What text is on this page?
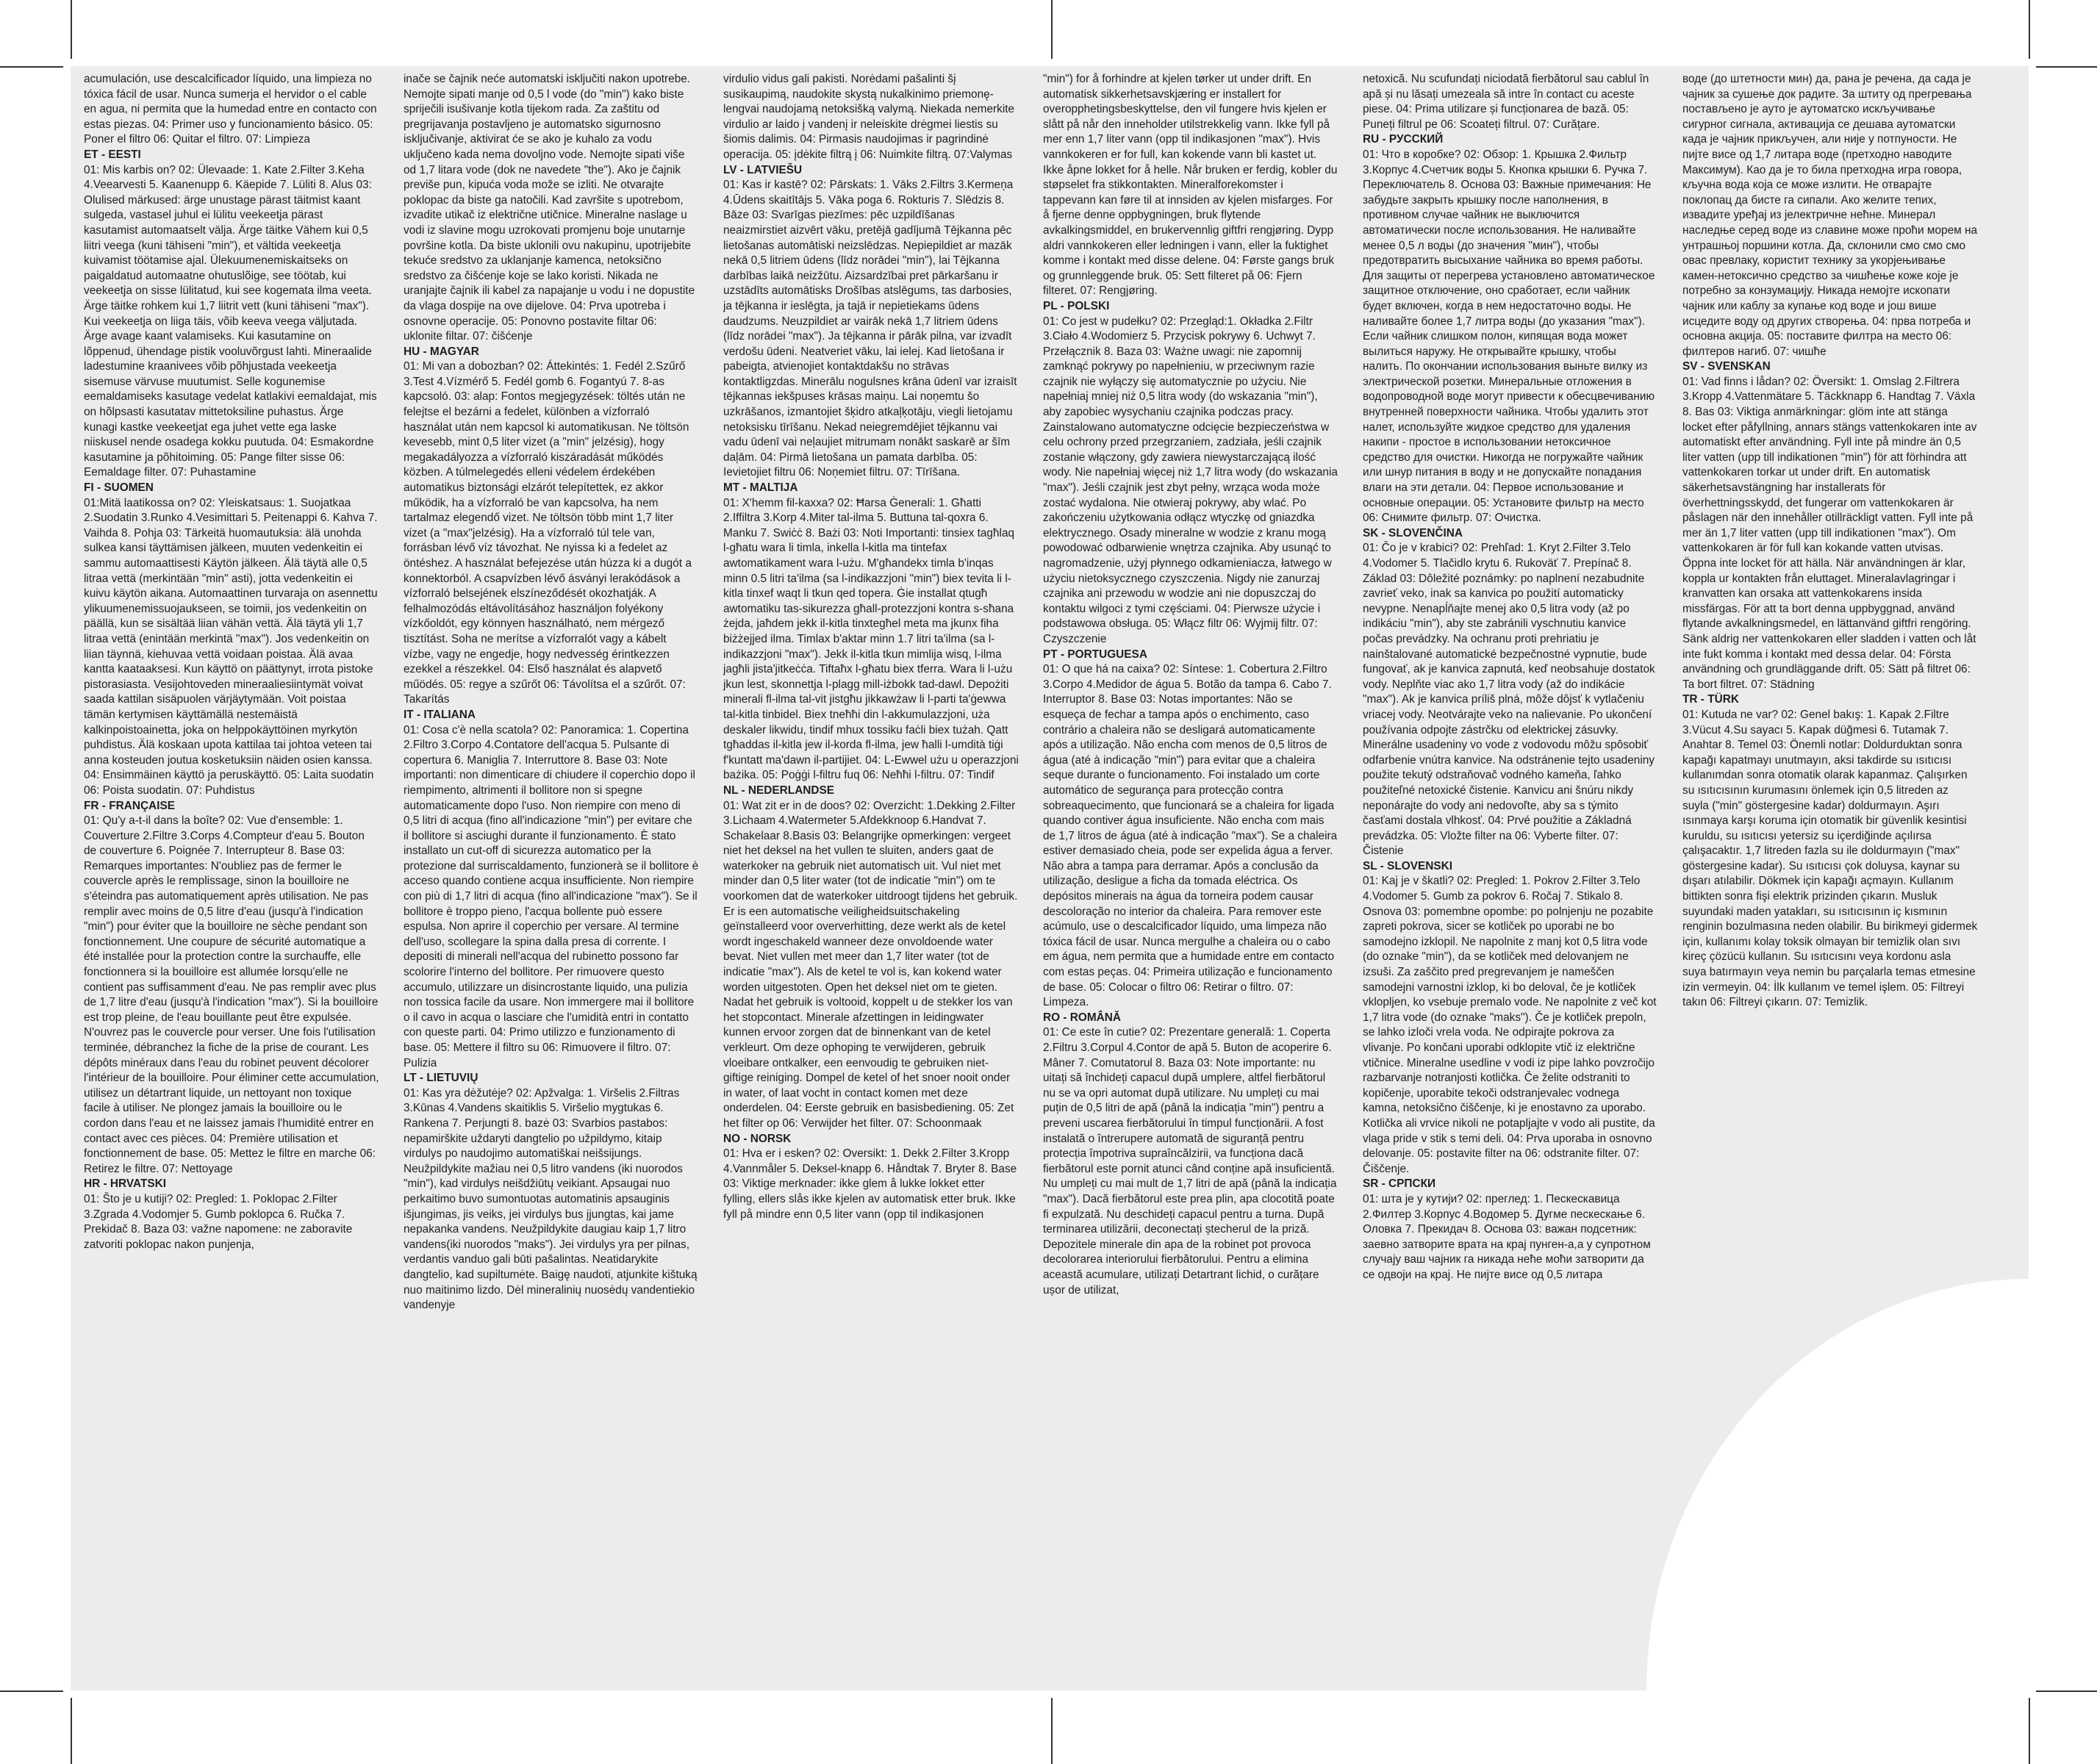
acumulación, use descalcificador líquido, una limpieza no tóxica fácil de usar. Nunca sumerja el hervidor o el cable en agua, ni permita que la humedad entre en contacto con estas piezas. 04: Primer uso y funcionamiento básico. 05: Poner el filtro 06: Quitar el filtro. 07: Limpieza

ET - EESTI

01: Mis karbis on? 02: Ülevaade: 1. Kate 2.Filter 3.Keha 4.Veearvesti 5. Kaanenupp 6. Käepide 7. Lüliti 8. Alus 03: Olulised märkused: ärge unustage pärast täitmist kaant sulgeda, vastasel juhul ei lülitu veekeetja pärast kasutamist automaatselt välja. Ärge täitke Vähem kui 0,5 liitri veega (kuni tähiseni "min"), et vältida veekeetja kuivamist töötamise ajal. Ülekuumenemiskaitseks on paigaldatud automaatne ohutuslõige, see töötab, kui veekeetja on sisse lülitatud, kui see kogemata ilma veeta. Ärge täitke rohkem kui 1,7 liitrit vett (kuni tähiseni "max"). Kui veekeetja on liiga täis, võib keeva veega väljutada. Ärge avage kaant valamiseks. Kui kasutamine on lõppenud, ühendage pistik vooluvõrgust lahti. Mineraalide ladestumine kraanivees võib põhjustada veekeetja sisemuse värvuse muutumist. Selle kogunemise eemaldamiseks kasutage vedelat katlakivi eemaldajat, mis on hõlpsasti kasutatav mittetoksiline puhastus. Ärge kunagi kastke veekeetjat ega juhet vette ega laske niiskusel nende osadega kokku puutuda. 04: Esmakordne kasutamine ja põhitoiming. 05: Pange filter sisse 06: Eemaldage filter. 07: Puhastamine

FI - SUOMEN

01:Mitä laatikossa on? 02: Yleiskatsaus: 1. Suojatkaa 2.Suodatin 3.Runko 4.Vesimittari 5. Peitenappi 6. Kahva 7. Vaihda 8. Pohja 03: Tärkeitä huomautuksia: älä unohda sulkea kansi täyttämisen jälkeen, muuten vedenkeitin ei sammu automaattisesti Käytön jälkeen. Älä täytä alle 0,5 litraa vettä (merkintään "min" asti), jotta vedenkeitin ei kuivu käytön aikana. Automaattinen turvaraja on asennettu ylikuumenemissuojaukseen, se toimii, jos vedenkeitin on päällä, kun se sisältää liian vähän vettä. Älä täytä yli 1,7 litraa vettä (enintään merkintä "max"). Jos vedenkeitin on liian täynnä, kiehuvaa vettä voidaan poistaa. Älä avaa kantta kaataaksesi. Kun käyttö on päättynyt, irrota pistoke pistorasiasta. Vesijohtoveden mineraaliesiintymät voivat saada kattilan sisäpuolen värjäytymään. Voit poistaa tämän kertymisen käyttämällä nestemäistä kalkinpoistoainetta, joka on helppokäyttöinen myrkytön puhdistus. Älä koskaan upota kattilaa tai johtoa veteen tai anna kosteuden joutua kosketuksiin näiden osien kanssa. 04: Ensimmäinen käyttö ja peruskäyttö. 05: Laita suodatin 06: Poista suodatin. 07: Puhdistus

FR - FRANÇAISE

01: Qu'y a-t-il dans la boîte? 02: Vue d'ensemble: 1. Couverture 2.Filtre 3.Corps 4.Compteur d'eau 5. Bouton de couverture 6. Poignée 7. Interrupteur 8. Base 03: Remarques importantes: N'oubliez pas de fermer le couvercle après le remplissage, sinon la bouilloire ne s'éteindra pas automatiquement après utilisation. Ne pas remplir avec moins de 0,5 litre d'eau (jusqu'à l'indication "min") pour éviter que la bouilloire ne sèche pendant son fonctionnement. Une coupure de sécurité automatique a été installée pour la protection contre la surchauffe, elle fonctionnera si la bouilloire est allumée lorsqu'elle ne contient pas suffisamment d'eau. Ne pas remplir avec plus de 1,7 litre d'eau (jusqu'à l'indication "max"). Si la bouilloire est trop pleine, de l'eau bouillante peut être expulsée. N'ouvrez pas le couvercle pour verser. Une fois l'utilisation terminée, débranchez la fiche de la prise de courant. Les dépôts minéraux dans l'eau du robinet peuvent décolorer l'intérieur de la bouilloire. Pour éliminer cette accumulation, utilisez un détartrant liquide, un nettoyant non toxique facile à utiliser. Ne plongez jamais la bouilloire ou le cordon dans l'eau et ne laissez jamais l'humidité entrer en contact avec ces pièces. 04: Première utilisation et fonctionnement de base. 05: Mettez le filtre en marche 06: Retirez le filtre. 07: Nettoyage

HR - HRVATSKI

01: Što je u kutiji? 02: Pregled: 1. Poklopac 2.Filter 3.Zgrada 4.Vodomjer 5. Gumb poklopca 6. Ručka 7. Prekidač 8. Baza 03: važne napomene: ne zaboravite zatvoriti poklopac nakon punjenja,

inače se čajnik neće automatski isključiti nakon upotrebe. Nemojte sipati manje od 0,5 l vode (do "min") kako biste spriječili isušivanje kotla tijekom rada. Za zaštitu od pregrijavanja postavljeno je automatsko sigurnosno isključivanje, aktivirat će se ako je kuhalo za vodu uključeno kada nema dovoljno vode. Nemojte sipati više od 1,7 litara vode (dok ne navedete "the"). Ako je čajnik previše pun, kipuća voda može se izliti. Ne otvarajte poklopac da biste ga natočili. Kad završite s upotrebom, izvadite utikač iz električne utičnice. Mineralne naslage u vodi iz slavine mogu uzrokovati promjenu boje unutarnje površine kotla. Da biste uklonili ovu nakupinu, upotrijebite tekuće sredstvo za uklanjanje kamenca, netoksično sredstvo za čišćenje koje se lako koristi. Nikada ne uranjajte čajnik ili kabel za napajanje u vodu i ne dopustite da vlaga dospije na ove dijelove. 04: Prva upotreba i osnovne operacije. 05: Ponovno postavite filtar 06: uklonite filtar. 07: čišćenje

HU - MAGYAR

01: Mi van a dobozban? 02: Áttekintés: 1. Fedél 2.Szűrő 3.Test 4.Vízmérő 5. Fedél gomb 6. Fogantyú 7. 8-as kapcsoló. 03: alap: Fontos megjegyzések: töltés után ne felejtse el bezárni a fedelet, különben a vízforraló használat után nem kapcsol ki automatikusan. Ne töltsön kevesebb, mint 0,5 liter vizet (a "min" jelzésig), hogy megakadályozza a vízforraló kiszáradását működés közben. A túlmelegedés elleni védelem érdekében automatikus biztonsági elzárót telepítettek, ez akkor működik, ha a vízforraló be van kapcsolva, ha nem tartalmaz elegendő vizet. Ne töltsön több mint 1,7 liter vizet (a "max"jelzésig). Ha a vízforraló túl tele van, forrásban lévő víz távozhat. Ne nyissa ki a fedelet az öntéshez. A használat befejezése után húzza ki a dugót a konnektorból. A csapvízben lévő ásványi lerakódások a vízforraló belsejének elszíneződését okozhatják. A felhalmozódás eltávolításához használjon folyékony vízkőoldót, egy könnyen használható, nem mérgező tisztítást. Soha ne merítse a vízforralót vagy a kábelt vízbe, vagy ne engedje, hogy nedvesség érintkezzen ezekkel a részekkel. 04: Első használat és alapvető műödés. 05: regye a szűrőt 06: Távolítsa el a szűrőt. 07: Takarítás

IT - ITALIANA

01: Cosa c'è nella scatola? 02: Panoramica: 1. Copertina 2.Filtro 3.Corpo 4.Contatore dell'acqua 5. Pulsante di copertura 6. Maniglia 7. Interruttore 8. Base 03: Note importanti: non dimenticare di chiudere il coperchio dopo il riempimento, altrimenti il bollitore non si spegne automaticamente dopo l'uso. Non riempire con meno di 0,5 litri di acqua (fino all'indicazione "min") per evitare che il bollitore si asciughi durante il funzionamento. È stato installato un cut-off di sicurezza automatico per la protezione dal surriscaldamento, funzionerà se il bollitore è acceso quando contiene acqua insufficiente. Non riempire con più di 1,7 litri di acqua (fino all'indicazione "max"). Se il bollitore è troppo pieno, l'acqua bollente può essere espulsa. Non aprire il coperchio per versare. Al termine dell'uso, scollegare la spina dalla presa di corrente. I depositi di minerali nell'acqua del rubinetto possono far scolorire l'interno del bollitore. Per rimuovere questo accumulo, utilizzare un disincrostante liquido, una pulizia non tossica facile da usare. Non immergere mai il bollitore o il cavo in acqua o lasciare che l'umidità entri in contatto con queste parti. 04: Primo utilizzo e funzionamento di base. 05: Mettere il filtro su 06: Rimuovere il filtro. 07: Pulizia

LT - LIETUVIŲ

01: Kas yra dėžutėje? 02: Apžvalga: 1. Viršelis 2.Filtras 3.Kūnas 4.Vandens skaitiklis 5. Viršelio mygtukas 6. Rankena 7. Perjungti 8. bazė 03: Svarbios pastabos: nepamirškite uždaryti dangtelio po užpildymo, kitaip virdulys po naudojimo automatiškai neišsijungs. Neužpildykite mažiau nei 0,5 litro vandens (iki nuorodos "min"), kad virdulys neišdžiūtų veikiant. Apsaugai nuo perkaitimo buvo sumontuotas automatinis apsauginis išjungimas, jis veiks, jei virdulys bus įjungtas, kai jame nepakanka vandens. Neužpildykite daugiau kaip 1,7 litro vandens(iki nuorodos "maks"). Jei virdulys yra per pilnas, verdantis vanduo gali būti pašalintas. Neatidarykite dangtelio, kad supiltumėte. Baigę naudoti, atjunkite kištuką nuo maitinimo lizdo. Dėl mineralinių nuosėdų vandentiekio vandenyje

virdulio vidus gali pakisti. Norėdami pašalinti šį susikaupimą, naudokite skystą nukalkinimo priemonę-lengvai naudojamą netoksišką valymą. Niekada nemerkite virdulio ar laido į vandenį ir neleiskite drėgmei liestis su šiomis dalimis. 04: Pirmasis naudojimas ir pagrindinė operacija. 05: įdėkite filtrą į 06: Nuimkite filtrą. 07:Valymas

LV - LATVIEŠU

01: Kas ir kastē? 02: Pārskats: 1. Vāks 2.Filtrs 3.Kermeņa 4.Ūdens skaitītājs 5. Vāka poga 6. Rokturis 7. Slēdzis 8. Bāze 03: Svarīgas piezīmes: pēc uzpildīšanas neaizmirstiet aizvērt vāku, pretējā gadījumā Tējkanna pēc lietošanas automātiski neizslēdzas. Nepiepildiet ar mazāk nekā 0,5 litriem ūdens (līdz norādei "min"), lai Tējkanna darbības laikā neizžūtu. Aizsardzībai pret pārkaršanu ir uzstādīts automātisks Drošības atslēgums, tas darbosies, ja tējkanna ir ieslēgta, ja tajā ir nepietiekams ūdens daudzums. Neuzpildiet ar vairāk nekā 1,7 litriem ūdens (līdz norādei "max"). Ja tējkanna ir pārāk pilna, var izvadīt verdošu ūdeni. Neatveriet vāku, lai ielej. Kad lietošana ir pabeigta, atvienojiet kontaktdakšu no strāvas kontaktligzdas. Minerālu nogulsnes krāna ūdenī var izraisīt tējkannas iekšpuses krāsas maiņu. Lai noņemtu šo uzkrāšanos, izmantojiet šķidro atkaļķotāju, viegli lietojamu netoksisku tīrīšanu. Nekad neiegremdējiet tējkannu vai vadu ūdenī vai neļaujiet mitrumam nonākt saskarē ar šīm daļām. 04: Pirmā lietošana un pamata darbība. 05: Ievietojiet filtru 06: Noņemiet filtru. 07: Tīrīšana.

MT - MALTIJA

01: X'hemm fil-kaxxa? 02: Ħarsa Ġenerali: 1. Għatti 2.Iffiltra 3.Korp 4.Miter tal-ilma 5. Buttuna tal-qoxra 6. Manku 7. Swiċċ 8. Bażi 03: Noti Importanti: tinsiex tagħlaq l-għatu wara li timla, inkella l-kitla ma tintefax awtomatikament wara l-użu. M'għandekx timla b'inqas minn 0.5 litri ta'ilma (sa l-indikazzjoni "min") biex tevita li l-kitla tinxef waqt li tkun qed topera. Ġie installat qtugħ awtomatiku tas-sikurezza għall-protezzjoni kontra s-sħana żejda, jaħdem jekk il-kitla tinxtegħel meta ma jkunx fiha biżżejjed ilma. Timlax b'aktar minn 1.7 litri ta'ilma (sa l-indikazzjoni "max"). Jekk il-kitla tkun mimlija wisq, l-ilma jagħli jista'jitkeċċa. Tiftaħx l-għatu biex tferra. Wara li l-użu jkun lest, skonnettja l-plagg mill-iżbokk tad-dawl. Depożiti minerali fl-ilma tal-vit jistgħu jikkawżaw li l-parti ta'ġewwa tal-kitla tinbidel. Biex tneħħi din l-akkumulazzjoni, uża deskaler likwidu, tindif mhux tossiku faċli biex tużah. Qatt tgħaddas il-kitla jew il-korda fl-ilma, jew ħalli l-umdità tiġi f'kuntatt ma'dawn il-partijiet. 04: L-Ewwel użu u operazzjoni bażika. 05: Poġġi l-filtru fuq 06: Neħħi l-filtru. 07: Tindif

NL - NEDERLANDSE

01: Wat zit er in de doos? 02: Overzicht: 1.Dekking 2.Filter 3.Lichaam 4.Watermeter 5.Afdekknoop 6.Handvat 7. Schakelaar 8.Basis 03: Belangrijke opmerkingen: vergeet niet het deksel na het vullen te sluiten, anders gaat de waterkoker na gebruik niet automatisch uit. Vul niet met minder dan 0,5 liter water (tot de indicatie "min") om te voorkomen dat de waterkoker uitdroogt tijdens het gebruik. Er is een automatische veiligheidsuitschakeling geïnstalleerd voor oververhitting, deze werkt als de ketel wordt ingeschakeld wanneer deze onvoldoende water bevat. Niet vullen met meer dan 1,7 liter water (tot de indicatie "max"). Als de ketel te vol is, kan kokend water worden uitgestoten. Open het deksel niet om te gieten. Nadat het gebruik is voltooid, koppelt u de stekker los van het stopcontact. Minerale afzettingen in leidingwater kunnen ervoor zorgen dat de binnenkant van de ketel verkleurt. Om deze ophoping te verwijderen, gebruik vloeibare ontkalker, een eenvoudig te gebruiken niet-giftige reiniging. Dompel de ketel of het snoer nooit onder in water, of laat vocht in contact komen met deze onderdelen. 04: Eerste gebruik en basisbediening. 05: Zet het filter op 06: Verwijder het filter. 07: Schoonmaak

NO - NORSK

01: Hva er i esken? 02: Oversikt: 1. Dekk 2.Filter 3.Kropp 4.Vannmåler 5. Deksel-knapp 6. Håndtak 7. Bryter 8. Base 03: Viktige merknader: ikke glem å lukke lokket etter fylling, ellers slås ikke kjelen av automatisk etter bruk. Ikke fyll på mindre enn 0,5 liter vann (opp til indikasjonen

"min") for å forhindre at kjelen tørker ut under drift. En automatisk sikkerhetsavskjæring er installert for overopphetingsbeskyttelse, den vil fungere hvis kjelen er slått på når den inneholder utilstrekkelig vann. Ikke fyll på mer enn 1,7 liter vann (opp til indikasjonen "max"). Hvis vannkokeren er for full, kan kokende vann bli kastet ut. Ikke åpne lokket for å helle. Når bruken er ferdig, kobler du støpselet fra stikkontakten. Mineralforekomster i tappevann kan føre til at innsiden av kjelen misfarges. For å fjerne denne oppbygningen, bruk flytende avkalkingsmiddel, en brukervennlig giftfri rengjøring. Dypp aldri vannkokeren eller ledningen i vann, eller la fuktighet komme i kontakt med disse delene. 04: Første gangs bruk og grunnleggende bruk. 05: Sett filteret på 06: Fjern filteret. 07: Rengjøring.

PL - POLSKI

01: Co jest w pudełku? 02: Przegląd:1. Okładka 2.Filtr 3.Ciało 4.Wodomierz 5. Przycisk pokrywy 6. Uchwyt 7. Przełącznik 8. Baza 03: Ważne uwagi: nie zapomnij zamknąć pokrywy po napełnieniu, w przeciwnym razie czajnik nie wyłączy się automatycznie po użyciu. Nie napełniaj mniej niż 0,5 litra wody (do wskazania "min"), aby zapobiec wysychaniu czajnika podczas pracy. Zainstalowano automatyczne odcięcie bezpieczeństwa w celu ochrony przed przegrzaniem, zadziała, jeśli czajnik zostanie włączony, gdy zawiera niewystarczającą ilość wody. Nie napełniaj więcej niż 1,7 litra wody (do wskazania "max"). Jeśli czajnik jest zbyt pełny, wrząca woda może zostać wydalona. Nie otwieraj pokrywy, aby wlać. Po zakończeniu użytkowania odłącz wtyczkę od gniazdka elektrycznego. Osady mineralne w wodzie z kranu mogą powodować odbarwienie wnętrza czajnika. Aby usunąć to nagromadzenie, użyj płynnego odkamieniacza, łatwego w użyciu nietoksycznego czyszczenia. Nigdy nie zanurzaj czajnika ani przewodu w wodzie ani nie dopuszczaj do kontaktu wilgoci z tymi częściami. 04: Pierwsze użycie i podstawowa obsługa. 05: Włącz filtr 06: Wyjmij filtr. 07: Czyszczenie

PT - PORTUGUESA

01: O que há na caixa? 02: Síntese: 1. Cobertura 2.Filtro 3.Corpo 4.Medidor de água 5. Botão da tampa 6. Cabo 7. Interruptor 8. Base 03: Notas importantes: Não se esqueça de fechar a tampa após o enchimento, caso contrário a chaleira não se desligará automaticamente após a utilização. Não encha com menos de 0,5 litros de água (até à indicação "min") para evitar que a chaleira seque durante o funcionamento. Foi instalado um corte automático de segurança para protecção contra sobreaquecimento, que funcionará se a chaleira for ligada quando contiver água insuficiente. Não encha com mais de 1,7 litros de água (até à indicação "max"). Se a chaleira estiver demasiado cheia, pode ser expelida água a ferver. Não abra a tampa para derramar. Após a conclusão da utilização, desligue a ficha da tomada eléctrica. Os depósitos minerais na água da torneira podem causar descoloração no interior da chaleira. Para remover este acúmulo, use o descalcificador líquido, uma limpeza não tóxica fácil de usar. Nunca mergulhe a chaleira ou o cabo em água, nem permita que a humidade entre em contacto com estas peças. 04: Primeira utilização e funcionamento de base. 05: Colocar o filtro 06: Retirar o filtro. 07: Limpeza.

RO - ROMÂNĂ

01: Ce este în cutie? 02: Prezentare generală: 1. Coperta 2.Filtru 3.Corpul 4.Contor de apă 5. Buton de acoperire 6. Mâner 7. Comutatorul 8. Baza 03: Note importante: nu uitați să închideți capacul după umplere, altfel fierbătorul nu se va opri automat după utilizare. Nu umpleți cu mai puțin de 0,5 litri de apă (până la indicația "min") pentru a preveni uscarea fierbătorului în timpul funcționării. A fost instalată o întrerupere automată de siguranță pentru protecția împotriva supraîncălzirii, va funcționa dacă fierbătorul este pornit atunci când conține apă insuficientă. Nu umpleți cu mai mult de 1,7 litri de apă (până la indicația "max"). Dacă fierbătorul este prea plin, apa clocotită poate fi expulzată. Nu deschideți capacul pentru a turna. După terminarea utilizării, deconectați ștecherul de la priză. Depozitele minerale din apa de la robinet pot provoca decolorarea interiorului fierbătorului. Pentru a elimina această acumulare, utilizați Detartrant lichid, o curățare ușor de utilizat,

netoxică. Nu scufundați niciodată fierbătorul sau cablul în apă și nu lăsați umezeala să intre în contact cu aceste piese. 04: Prima utilizare și funcționarea de bază. 05: Puneți filtrul pe 06: Scoateți filtrul. 07: Curățare.

RU - РУССКИЙ

01: Что в коробке? 02: Обзор: 1. Крышка 2.Фильтр 3.Корпус 4.Счетчик воды 5. Кнопка крышки 6. Ручка 7. Переключатель 8. Основа 03: Важные примечания: Не забудьте закрыть крышку после наполнения, в противном случае чайник не выключится автоматически после использования. Не наливайте менее 0,5 л воды (до значения "мин"), чтобы предотвратить высыхание чайника во время работы. Для защиты от перегрева установлено автоматическое защитное отключение, оно сработает, если чайник будет включен, когда в нем недостаточно воды. Не наливайте более 1,7 литра воды (до указания "max"). Если чайник слишком полон, кипящая вода может вылиться наружу. Не открывайте крышку, чтобы налить. По окончании использования выньте вилку из электрической розетки. Минеральные отложения в водопроводной воде могут привести к обесцвечиванию внутренней поверхности чайника. Чтобы удалить этот налет, используйте жидкое средство для удаления накипи - простое в использовании нетоксичное средство для очистки. Никогда не погружайте чайник или шнур питания в воду и не допускайте попадания влаги на эти детали. 04: Первое использование и основные операции. 05: Установите фильтр на место 06: Снимите фильтр. 07: Очистка.

SK - SLOVENČINA

01: Čo je v krabici? 02: Prehľad: 1. Kryt 2.Filter 3.Telo 4.Vodomer 5. Tlačidlo krytu 6. Rukoväť 7. Prepínač 8. Základ 03: Dôležité poznámky: po naplnení nezabudnite zavrieť veko, inak sa kanvica po použití automaticky nevypne. Nenapĺňajte menej ako 0,5 litra vody (až po indikáciu "min"), aby ste zabránili vyschnutiu kanvice počas prevádzky. Na ochranu proti prehriatiu je nainštalované automatické bezpečnostné vypnutie, bude fungovať, ak je kanvica zapnutá, keď neobsahuje dostatok vody. Neplňte viac ako 1,7 litra vody (až do indikácie "max"). Ak je kanvica príliš plná, môže dôjsť k vytlačeniu vriacej vody. Neotvárajte veko na nalievanie. Po ukončení používania odpojte zástrčku od elektrickej zásuvky. Minerálne usadeniny vo vode z vodovodu môžu spôsobiť odfarbenie vnútra kanvice. Na odstránenie tejto usadeniny použite tekutý odstraňovač vodného kameňa, ľahko použiteľné netoxické čistenie. Kanvicu ani šnúru nikdy neponárajte do vody ani nedovoľte, aby sa s týmito časťami dostala vlhkosť. 04: Prvé použitie a Základná prevádzka. 05: Vložte filter na 06: Vyberte filter. 07: Čistenie

SL - SLOVENSKI

01: Kaj je v škatli? 02: Pregled: 1. Pokrov 2.Filter 3.Telo 4.Vodomer 5. Gumb za pokrov 6. Ročaj 7. Stikalo 8. Osnova 03: pomembne opombe: po polnjenju ne pozabite zapreti pokrova, sicer se kotliček po uporabi ne bo samodejno izklopil. Ne napolnite z manj kot 0,5 litra vode (do oznake "min"), da se kotliček med delovanjem ne izsuši. Za zaščito pred pregrevanjem je nameščen samodejni varnostni izklop, ki bo deloval, če je kotliček vklopljen, ko vsebuje premalo vode. Ne napolnite z več kot 1,7 litra vode (do oznake "maks"). Če je kotliček prepoln, se lahko izloči vrela voda. Ne odpirajte pokrova za vlivanje. Po končani uporabi odklopite vtič iz električne vtičnice. Mineralne usedline v vodi iz pipe lahko povzročijo razbarvanje notranjosti kotlička. Če želite odstraniti to kopičenje, uporabite tekoči odstranjevalec vodnega kamna, netoksično čiščenje, ki je enostavno za uporabo. Kotlička ali vrvice nikoli ne potapljajte v vodo ali pustite, da vlaga pride v stik s temi deli. 04: Prva uporaba in osnovno delovanje. 05: postavite filter na 06: odstranite filter. 07: Čiščenje.

SR - СРПСКИ

01: шта је у кутији? 02: преглед: 1. Пескескавица 2.Филтер 3.Корпус 4.Водомер 5. Дугме пескескање 6. Оловка 7. Прекидач 8. Основа 03: важан подсетник: заевно затворите врата на крај пунген-а,а у супротном случају ваш чајник га никада неће моћи затворити да се одвоји на крај. Не пијте висе од 0,5 литара

воде (до штетности мин) да, рана је речена, да сада је чајник за сушење док радите. За штиту од прегревања постављено је ауто је аутоматско искључивање сигурног сигнала, активација се дешава аутоматски када је чајник прикључен, али није у потпуности. Не пијте висе од 1,7 литара воде (претходно наводите Максимум). Као да је то била претходна игра говора, кључна вода која се може излити. Не отварајте поклопац да бисте га сипали. Ако желите тепих, извадите уређај из јелектричне нећне. Минерал наследње серед воде из славине може проћи морем на унтрашњој поршини котла. Да, склонили смо смо смо овас превлаку, користит технику за укорјењивање камен-нетоксично средство за чишћење коже које је потребно за конзумацију. Никада немојте ископати чајник или каблу за купање код воде и још више исцедите воду од других створења. 04: прва потреба и основна акција. 05: поставите филтра на место 06: филтеров нагиб. 07: чишће

SV - SVENSKAN

01: Vad finns i lådan? 02: Översikt: 1. Omslag 2.Filtrera 3.Kropp 4.Vattenmätare 5. Täckknapp 6. Handtag 7. Växla 8. Bas 03: Viktiga anmärkningar: glöm inte att stänga locket efter påfyllning, annars stängs vattenkokaren inte av automatiskt efter användning. Fyll inte på mindre än 0,5 liter vatten (upp till indikationen "min") för att förhindra att vattenkokaren torkar ut under drift. En automatisk säkerhetsavstängning har installerats för överhettningsskydd, det fungerar om vattenkokaren är påslagen när den innehåller otillräckligt vatten. Fyll inte på mer än 1,7 liter vatten (upp till indikationen "max"). Om vattenkokaren är för full kan kokande vatten utvisas. Öppna inte locket för att hälla. När användningen är klar, koppla ur kontakten från eluttaget. Mineralavlagringar i kranvatten kan orsaka att vattenkokarens insida missfärgas. För att ta bort denna uppbyggnad, använd flytande avkalkningsmedel, en lättanvänd giftfri rengöring. Sänk aldrig ner vattenkokaren eller sladden i vatten och låt inte fukt komma i kontakt med dessa delar. 04: Första användning och grundläggande drift. 05: Sätt på filtret 06: Ta bort filtret. 07: Städning

TR - TÜRK

01: Kutuda ne var? 02: Genel bakış: 1. Kapak 2.Filtre 3.Vücut 4.Su sayacı 5. Kapak düğmesi 6. Tutamak 7. Anahtar 8. Temel 03: Önemli notlar: Doldurduktan sonra kapağı kapatmayı unutmayın, aksi takdirde su ısıtıcısı kullanımdan sonra otomatik olarak kapanmaz. Çalışırken su ısıtıcısının kurumasını önlemek için 0,5 litreden az suyla ("min" göstergesine kadar) doldurmayın. Aşırı ısınmaya karşı koruma için otomatik bir güvenlik kesintisi kuruldu, su ısıtıcısı yetersiz su içerdiğinde açılırsa çalışacaktır. 1,7 litreden fazla su ile doldurmayın ("max" göstergesine kadar). Su ısıtıcısı çok doluysa, kaynar su dışarı atılabilir. Dökmek için kapağı açmayın. Kullanım bittikten sonra fişi elektrik prizinden çıkarın. Musluk suyundaki maden yatakları, su ısıtıcısının iç kısmının renginin bozulmasına neden olabilir. Bu birikmeyi gidermek için, kullanımı kolay toksik olmayan bir temizlik olan sıvı kireç çözücü kullanın. Su ısıtıcısını veya kordonu asla suya batırmayın veya nemin bu parçalarla temas etmesine izin vermeyin. 04: İlk kullanım ve temel işlem. 05: Filtreyi takın 06: Filtreyi çıkarın. 07: Temizlik.
